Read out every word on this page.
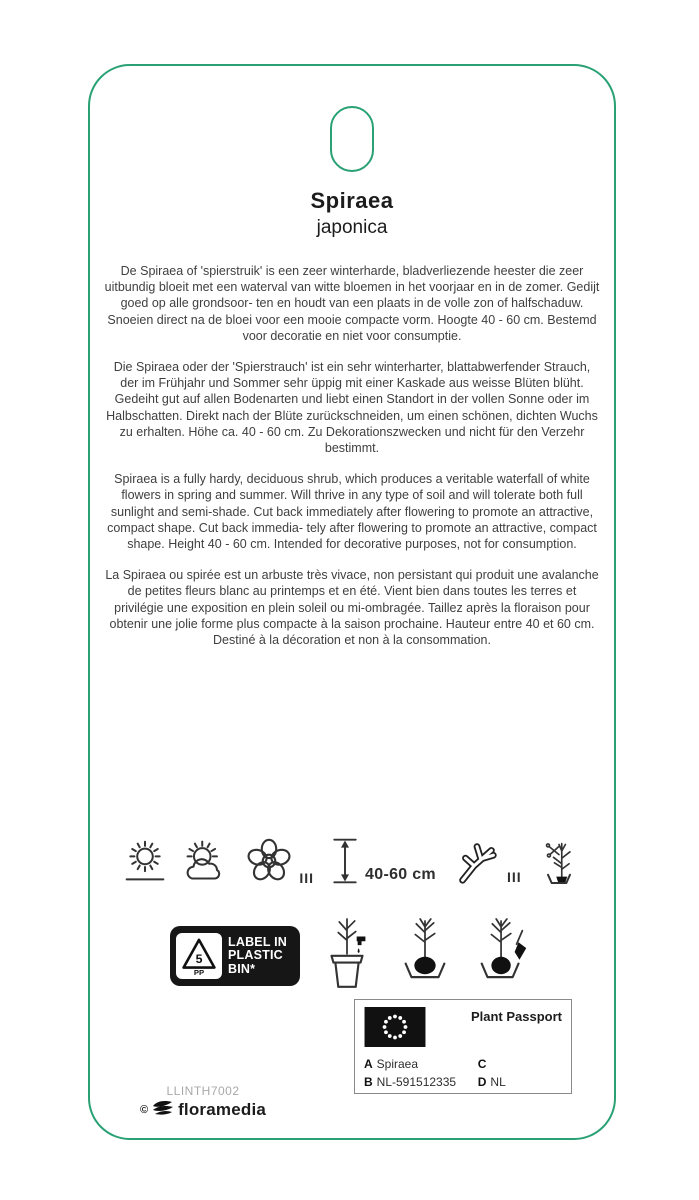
Spiraea
japonica

De Spiraea of 'spierstruik' is een zeer winterharde, bladverliezende heester die zeer uitbundig bloeit met een waterval van witte bloemen in het voorjaar en in de zomer. Gedijt goed op alle grondsoor- ten en houdt van een plaats in de volle zon of halfschaduw. Snoeien direct na de bloei voor een mooie compacte vorm. Hoogte 40 - 60 cm. Bestemd voor decoratie en niet voor consumptie.

Die Spiraea oder der 'Spierstrauch' ist ein sehr winterharter, blattabwerfender Strauch, der im Frühjahr und Sommer sehr üppig mit einer Kaskade aus weisse Blüten blüht. Gedeiht gut auf allen Bodenarten und liebt einen Standort in der vollen Sonne oder im Halbschatten. Direkt nach der Blüte zurückschneiden, um einen schönen, dichten Wuchs zu erhalten. Höhe ca. 40 - 60 cm. Zu Dekorationszwecken und nicht für den Verzehr bestimmt.

Spiraea is a fully hardy, deciduous shrub, which produces a veritable waterfall of white flowers in spring and summer. Will thrive in any type of soil and will tolerate both full sunlight and semi-shade. Cut back immediately after flowering to promote an attractive, compact shape. Cut back immedia- tely after flowering to promote an attractive, compact shape. Height 40 - 60 cm. Intended for decorative purposes, not for consumption.

La Spiraea ou spirée est un arbuste très vivace, non persistant qui produit une avalanche de petites fleurs blanc au printemps et en été. Vient bien dans toutes les terres et privilégie une exposition en plein soleil ou mi-ombragée. Taillez après la floraison pour obtenir une jolie forme plus compacte à la saison prochaine. Hauteur entre 40 et 60 cm. Destiné à la décoration et non à la consommation.

III	40-60 cm	III
5
PP
LABEL IN
PLASTIC
BIN*
Plant Passport
A Spiraea	C
B NL-591512335	D NL
LLINTH7002
© floramedia
